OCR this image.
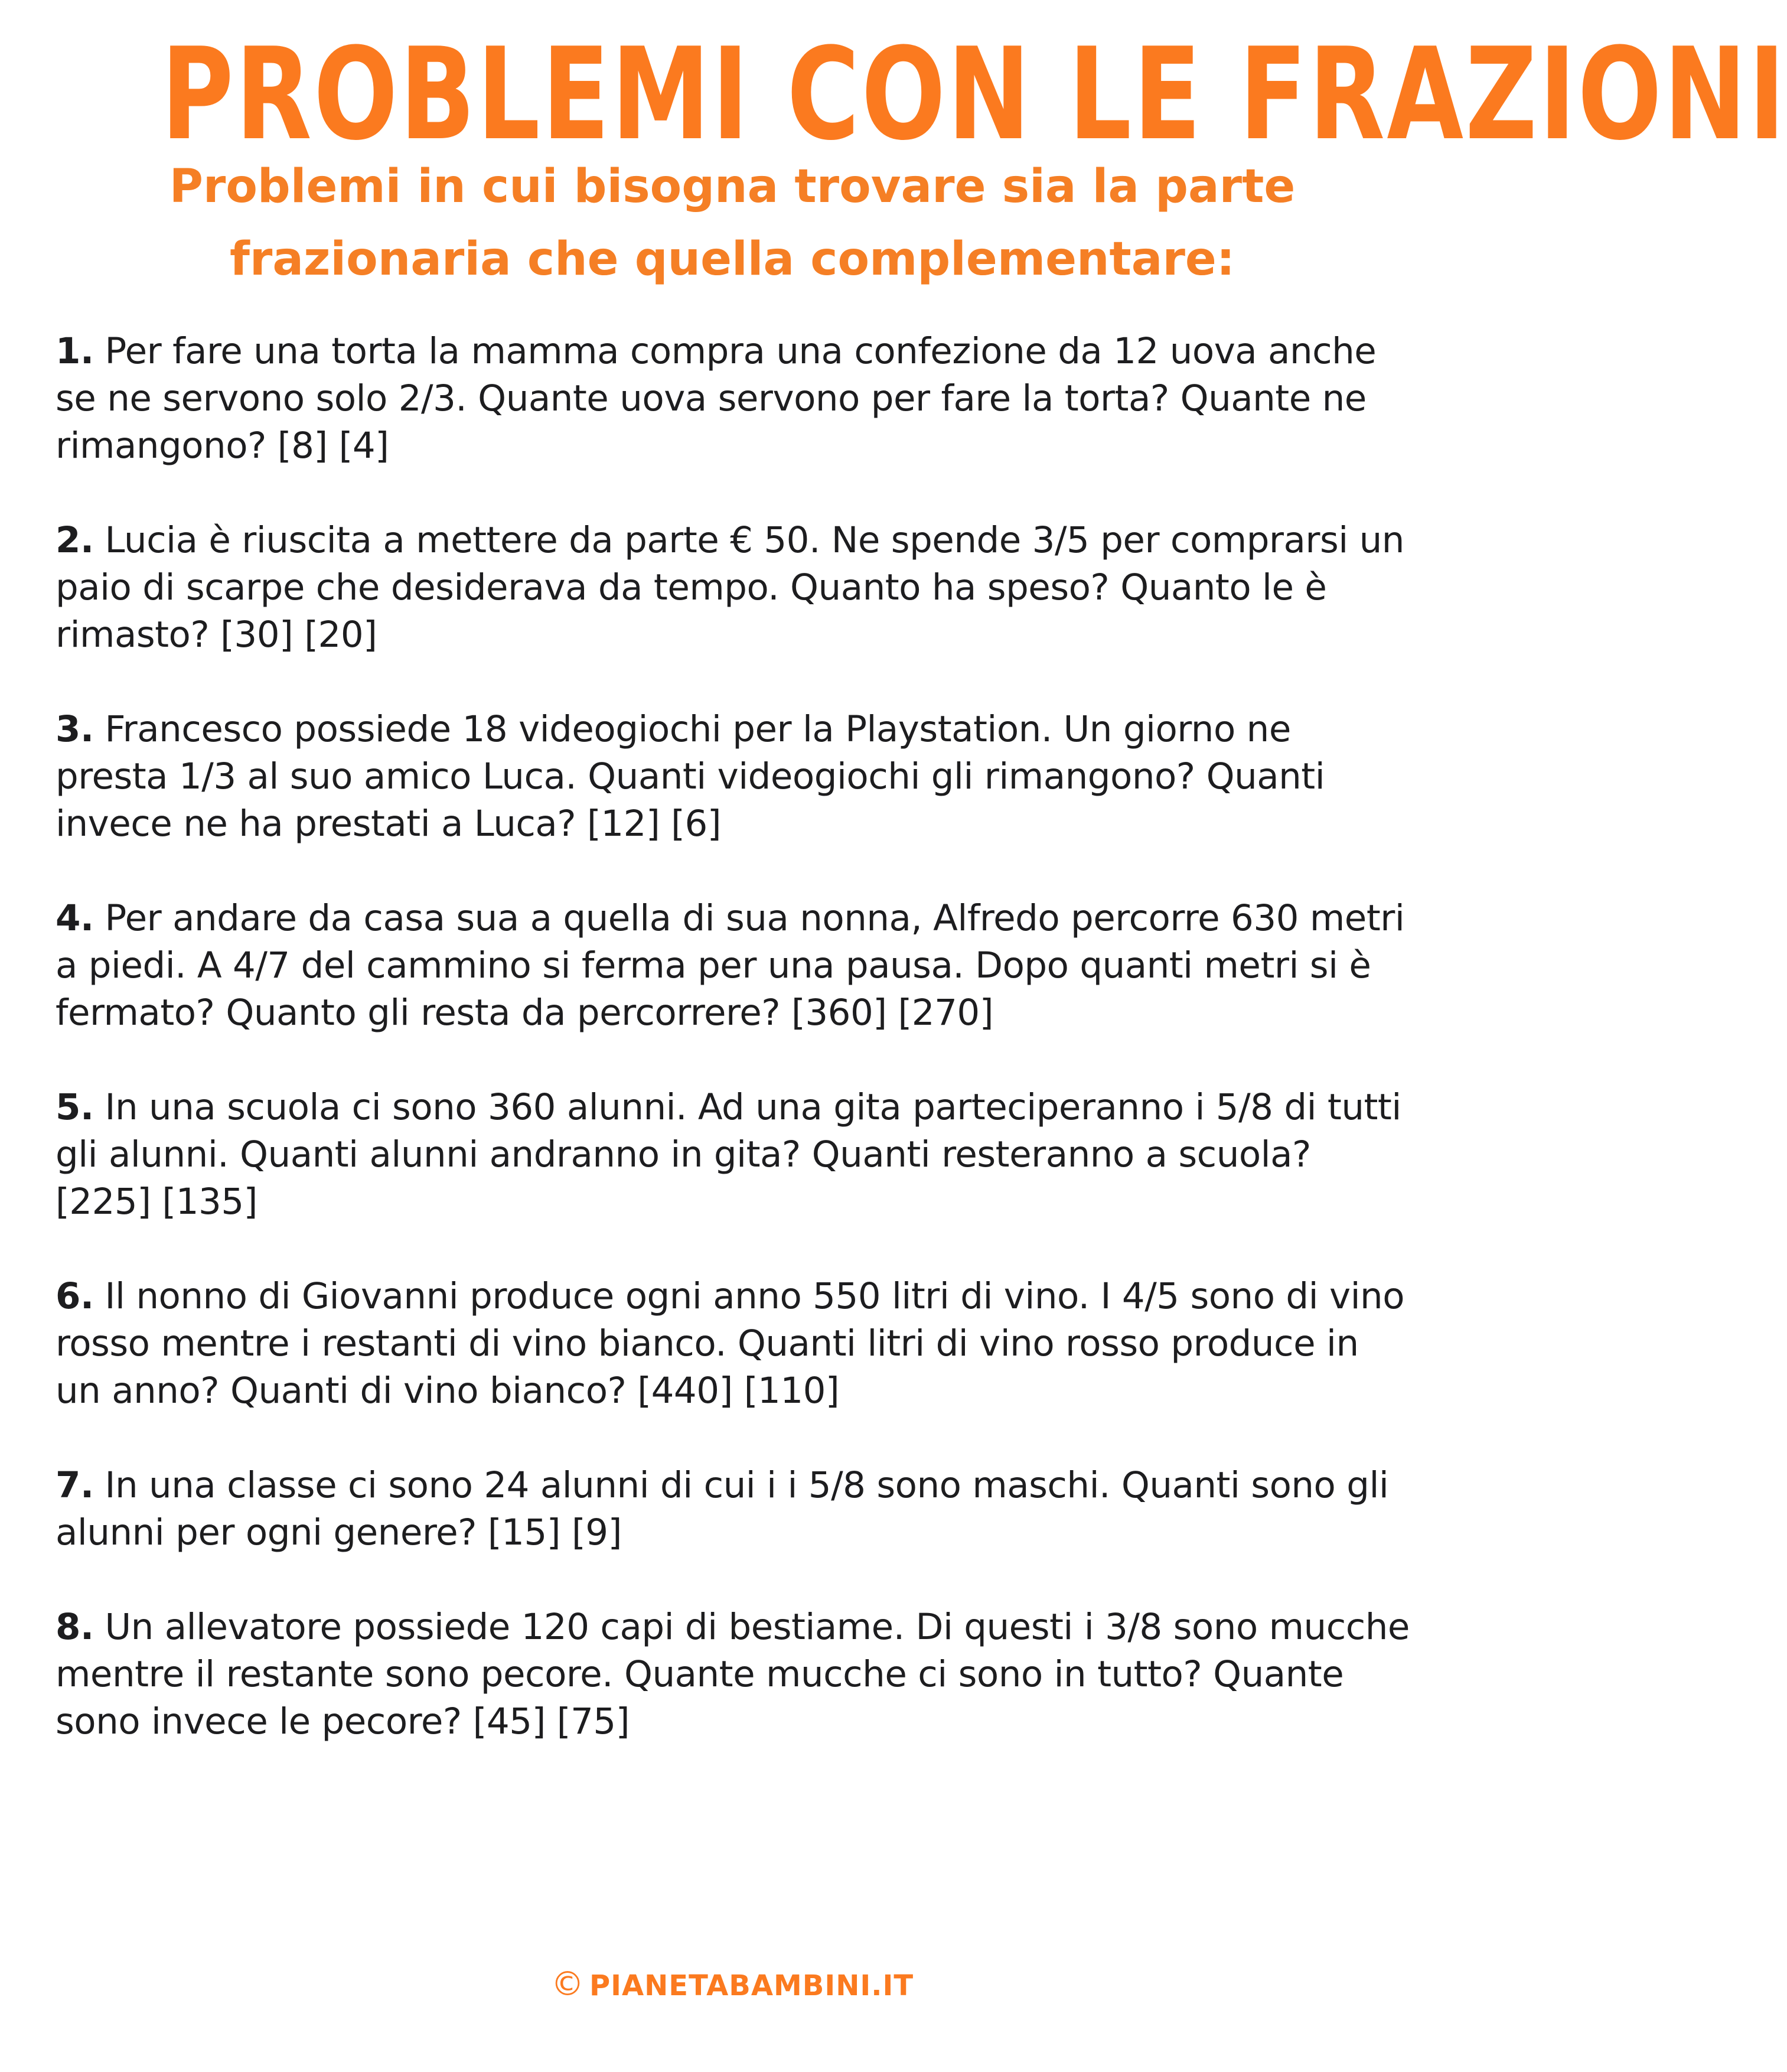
PROBLEMI CON LE FRAZIONI
Problemi in cui bisogna trovare sia la parte
frazionaria che quella complementare:

1. Per fare una torta la mamma compra una confezione da 12 uova anche se ne servono solo 2/3. Quante uova servono per fare la torta? Quante ne rimangono? [8] [4]

2. Lucia è riuscita a mettere da parte € 50. Ne spende 3/5 per comprarsi un paio di scarpe che desiderava da tempo. Quanto ha speso? Quanto le è rimasto? [30] [20]

3. Francesco possiede 18 videogiochi per la Playstation. Un giorno ne presta 1/3 al suo amico Luca. Quanti videogiochi gli rimangono? Quanti invece ne ha prestati a Luca? [12] [6]

4. Per andare da casa sua a quella di sua nonna, Alfredo percorre 630 metri a piedi. A 4/7 del cammino si ferma per una pausa. Dopo quanti metri si è fermato? Quanto gli resta da percorrere? [360] [270]

5. In una scuola ci sono 360 alunni. Ad una gita parteciperanno i 5/8 di tutti gli alunni. Quanti alunni andranno in gita? Quanti resteranno a scuola? [225] [135]

6. Il nonno di Giovanni produce ogni anno 550 litri di vino. I 4/5 sono di vino rosso mentre i restanti di vino bianco. Quanti litri di vino rosso produce in un anno? Quanti di vino bianco? [440] [110]

7. In una classe ci sono 24 alunni di cui i i 5/8 sono maschi. Quanti sono gli alunni per ogni genere? [15] [9]

8. Un allevatore possiede 120 capi di bestiame. Di questi i 3/8 sono mucche mentre il restante sono pecore. Quante mucche ci sono in tutto? Quante sono invece le pecore? [45] [75]

© PIANETABAMBINI.IT
